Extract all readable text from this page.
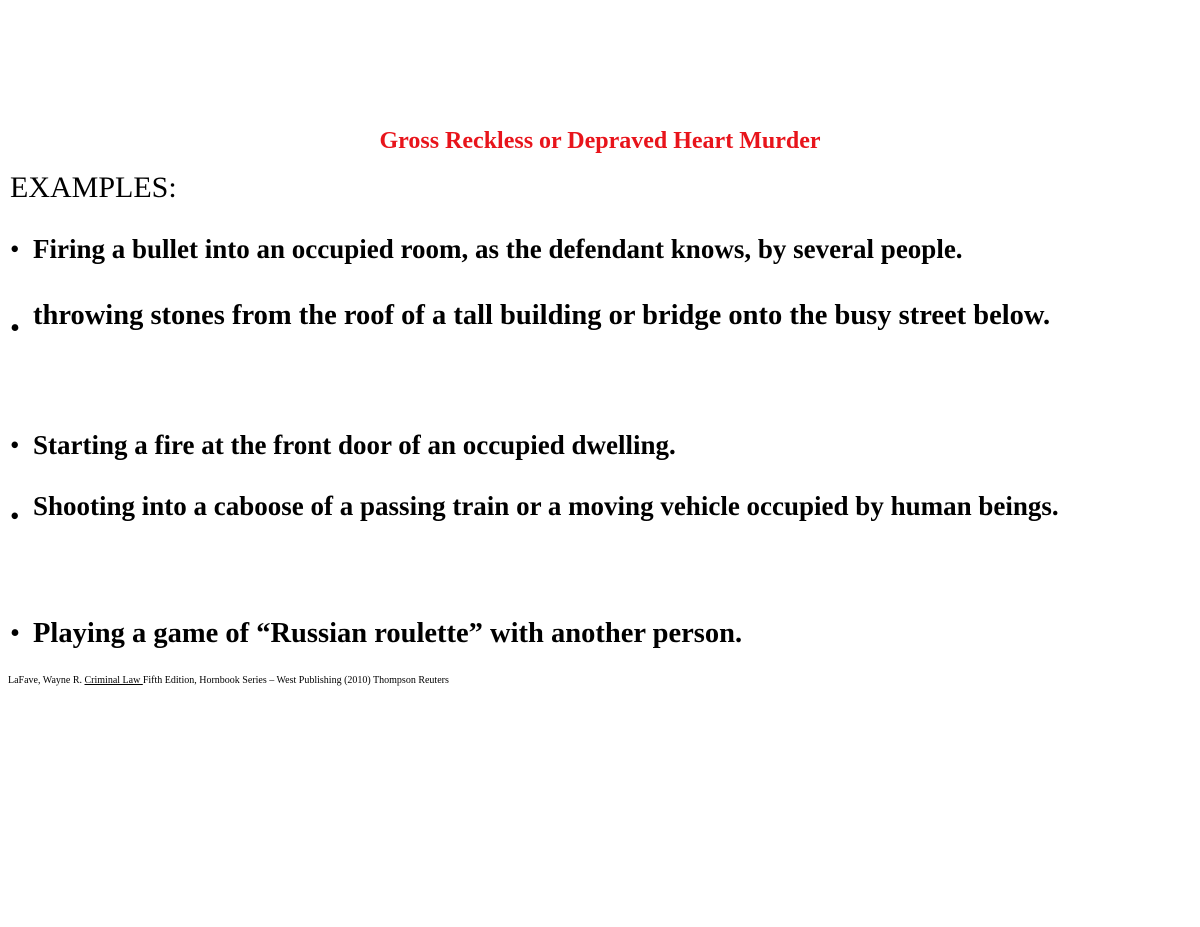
Gross Reckless or Depraved Heart Murder
EXAMPLES:
• Firing a bullet into an occupied room, as the defendant knows, by several people.
• throwing stones from the roof of a tall building or bridge onto the busy street below.
• Starting a fire at the front door of an occupied dwelling.
• Shooting into a caboose of a passing train or a moving vehicle occupied by human beings.
• Playing a game of “Russian roulette” with another person.
LaFave, Wayne R. Criminal Law Fifth Edition, Hornbook Series – West Publishing (2010) Thompson Reuters
